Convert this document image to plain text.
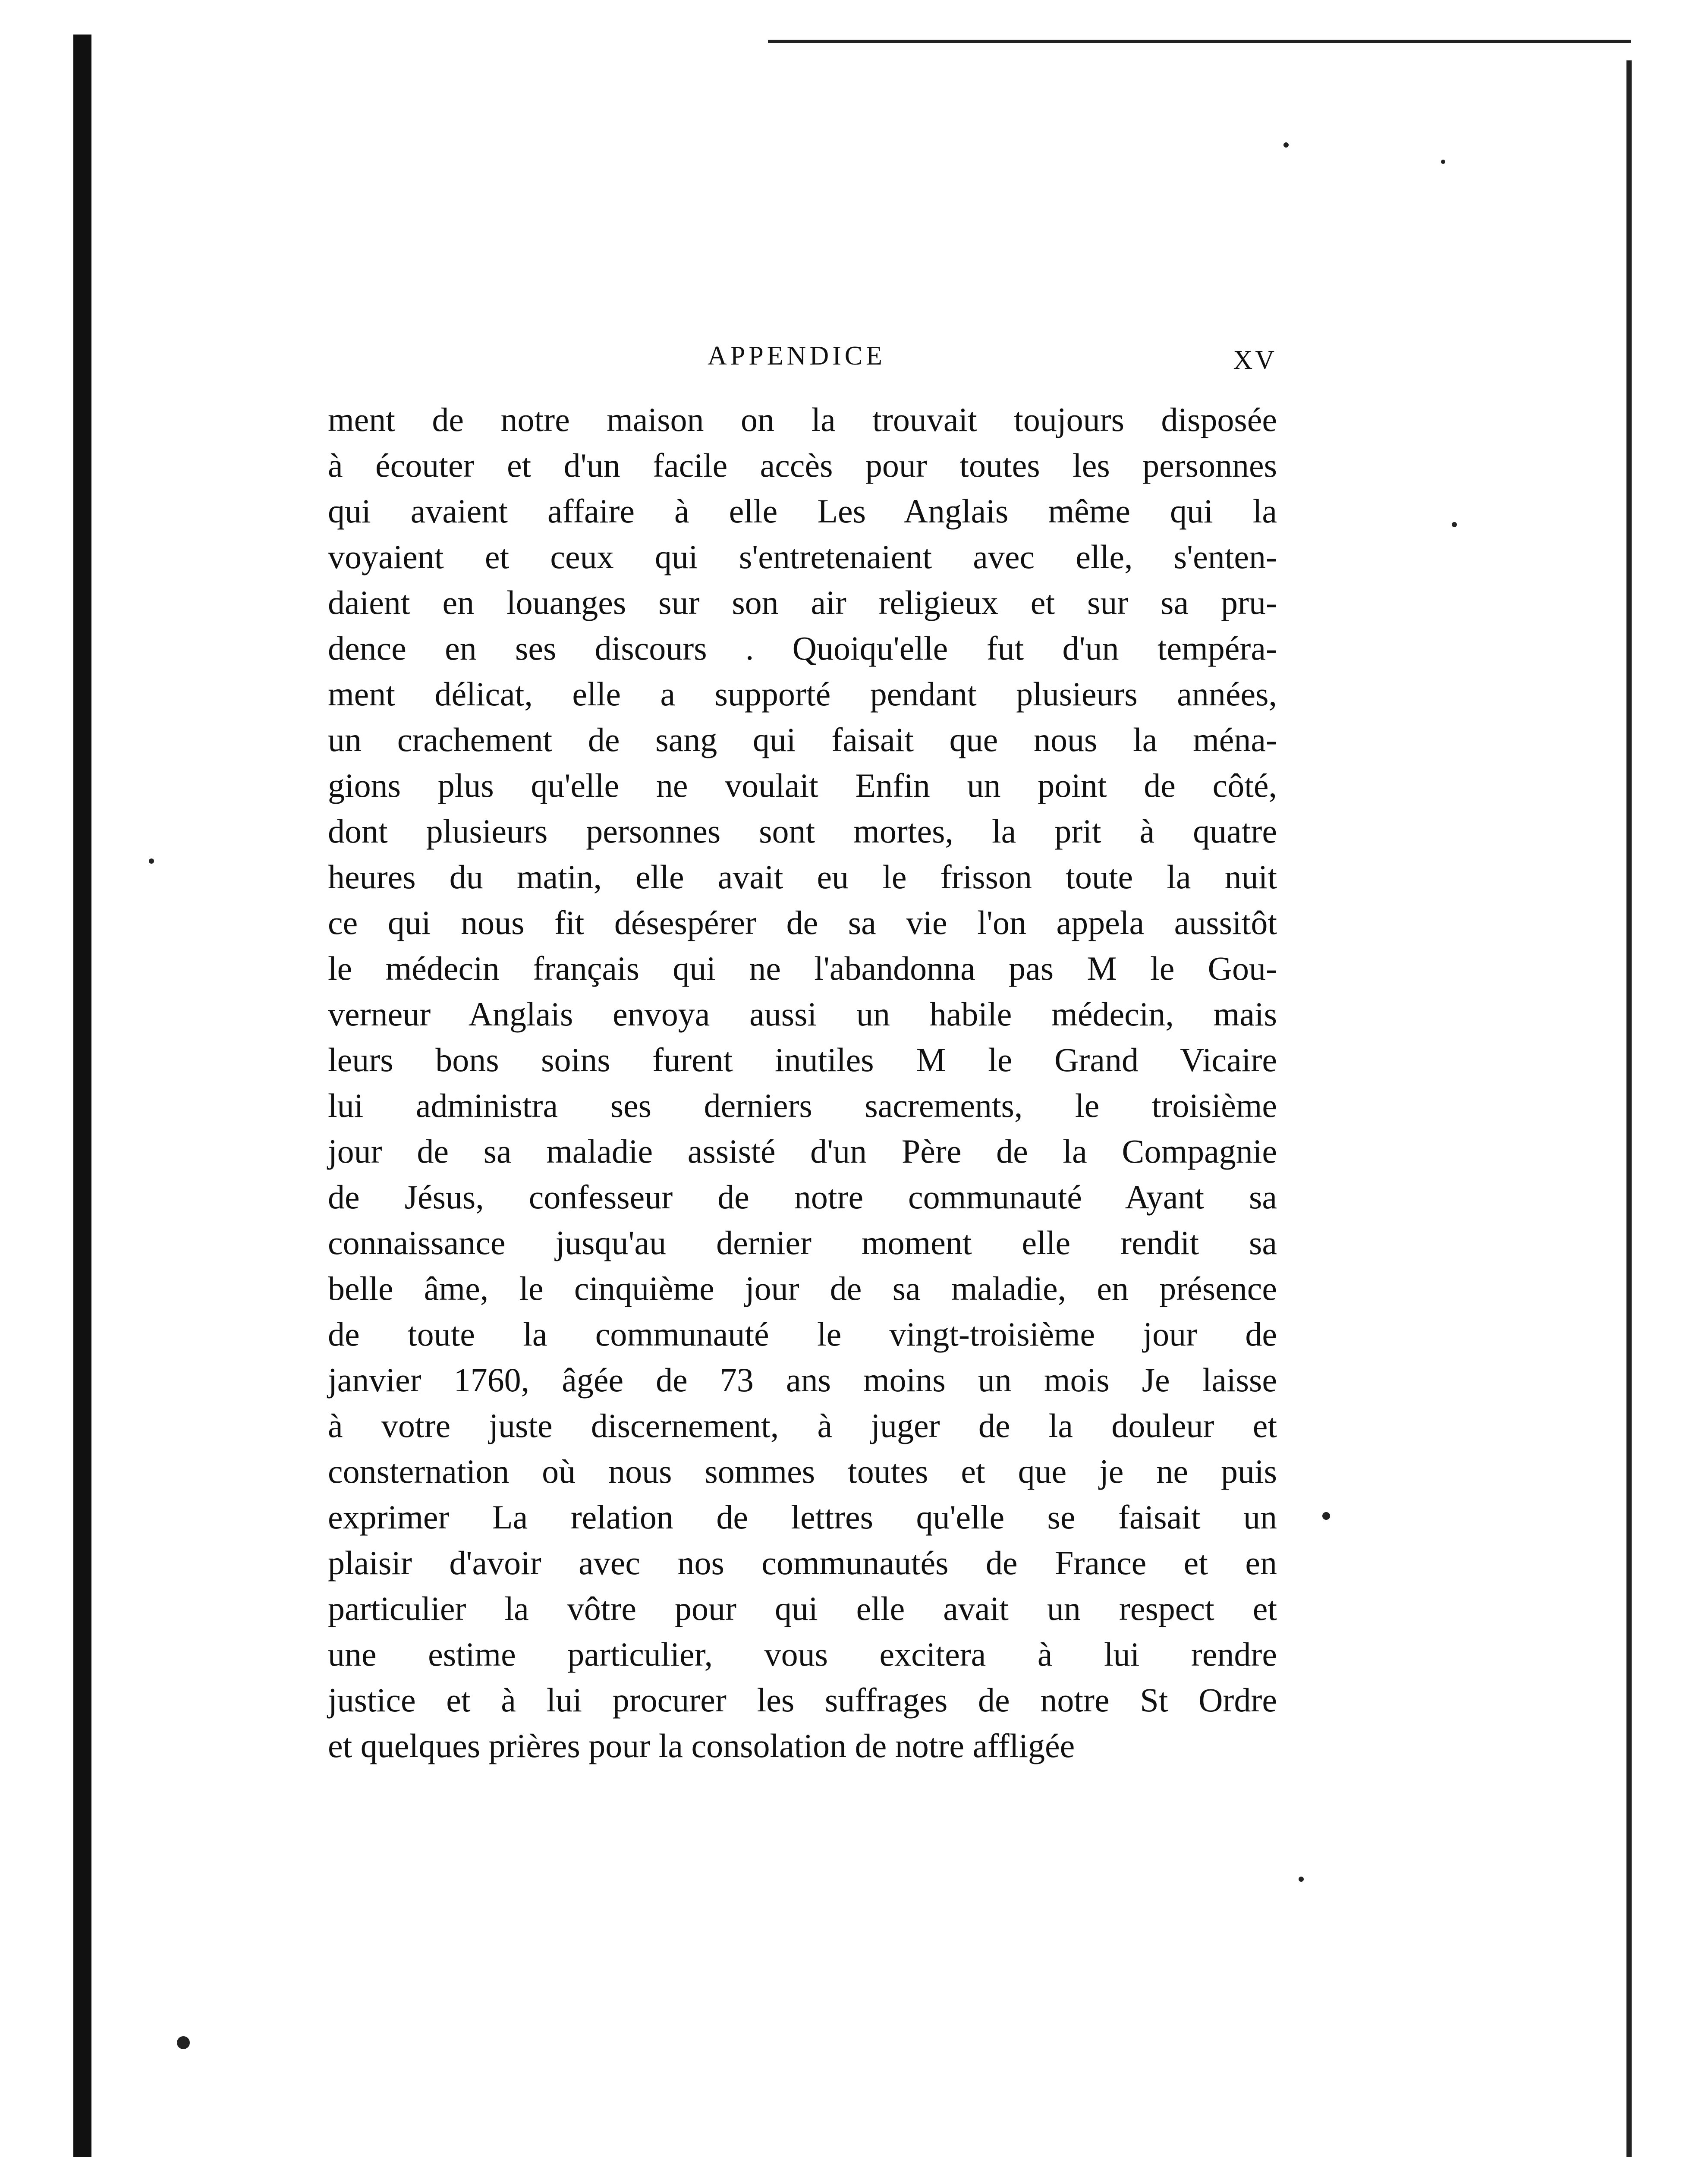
APPENDICE	XV
ment de notre maison on la trouvait toujours disposée
à écouter et d'un facile accès pour toutes les personnes
qui avaient affaire à elle Les Anglais même qui la
voyaient et ceux qui s'entretenaient avec elle, s'enten-
daient en louanges sur son air religieux et sur sa pru-
dence en ses discours . Quoiqu'elle fut d'un tempéra-
ment délicat, elle a supporté pendant plusieurs années,
un crachement de sang qui faisait que nous la ména-
gions plus qu'elle ne voulait Enfin un point de côté,
dont plusieurs personnes sont mortes, la prit à quatre
heures du matin, elle avait eu le frisson toute la nuit
ce qui nous fit désespérer de sa vie l'on appela aussitôt
le médecin français qui ne l'abandonna pas M le Gou-
verneur Anglais envoya aussi un habile médecin, mais
leurs bons soins furent inutiles M le Grand Vicaire
lui administra ses derniers sacrements, le troisième
jour de sa maladie assisté d'un Père de la Compagnie
de Jésus, confesseur de notre communauté Ayant sa
connaissance jusqu'au dernier moment elle rendit sa
belle âme, le cinquième jour de sa maladie, en présence
de toute la communauté le vingt-troisième jour de
janvier 1760, âgée de 73 ans moins un mois Je laisse
à votre juste discernement, à juger de la douleur et
consternation où nous sommes toutes et que je ne puis
exprimer La relation de lettres qu'elle se faisait un
plaisir d'avoir avec nos communautés de France et en
particulier la vôtre pour qui elle avait un respect et
une estime particulier, vous excitera à lui rendre
justice et à lui procurer les suffrages de notre St Ordre
et quelques prières pour la consolation de notre affligée
